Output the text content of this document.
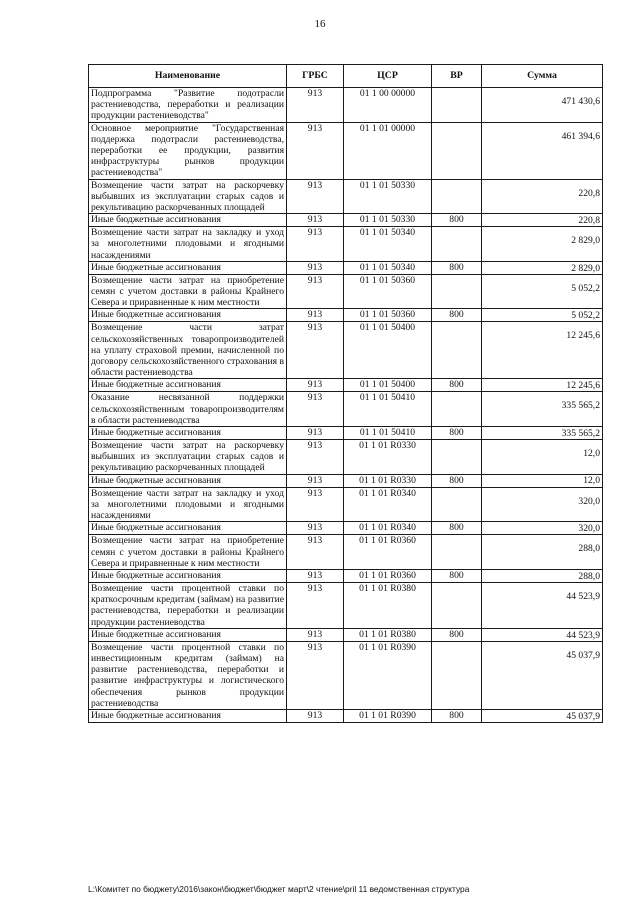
16
Наименование	ГРБС	ЦСР	ВР	Сумма
Подпрограмма "Развитие подотрасли растениеводства, переработки и реализации продукции растениеводства"	913	01 1 00 00000		471 430,6
Основное мероприятие "Государственная поддержка подотрасли растениеводства, переработки ее продукции, развития инфраструктуры рынков продукции растениеводства"	913	01 1 01 00000		461 394,6
Возмещение части затрат на раскорчевку выбывших из эксплуатации старых садов и рекультивацию раскорчеванных площадей	913	01 1 01 50330		220,8
Иные бюджетные ассигнования	913	01 1 01 50330	800	220,8
Возмещение части затрат на закладку и уход за многолетними плодовыми и ягодными насаждениями	913	01 1 01 50340		2 829,0
Иные бюджетные ассигнования	913	01 1 01 50340	800	2 829,0
Возмещение части затрат на приобретение семян с учетом доставки в районы Крайнего Севера и приравненные к ним местности	913	01 1 01 50360		5 052,2
Иные бюджетные ассигнования	913	01 1 01 50360	800	5 052,2
Возмещение части затрат сельскохозяйственных товаропроизводителей на уплату страховой премии, начисленной по договору сельскохозяйственного страхования в области растениеводства	913	01 1 01 50400		12 245,6
Иные бюджетные ассигнования	913	01 1 01 50400	800	12 245,6
Оказание несвязанной поддержки сельскохозяйственным товаропроизводителям в области растениеводства	913	01 1 01 50410		335 565,2
Иные бюджетные ассигнования	913	01 1 01 50410	800	335 565,2
Возмещение части затрат на раскорчевку выбывших из эксплуатации старых садов и рекультивацию раскорчеванных площадей	913	01 1 01 R0330		12,0
Иные бюджетные ассигнования	913	01 1 01 R0330	800	12,0
Возмещение части затрат на закладку и уход за многолетними плодовыми и ягодными насаждениями	913	01 1 01 R0340		320,0
Иные бюджетные ассигнования	913	01 1 01 R0340	800	320,0
Возмещение части затрат на приобретение семян с учетом доставки в районы Крайнего Севера и приравненные к ним местности	913	01 1 01 R0360		288,0
Иные бюджетные ассигнования	913	01 1 01 R0360	800	288,0
Возмещение части процентной ставки по краткосрочным кредитам (займам) на развитие растениеводства, переработки и реализации продукции растениеводства	913	01 1 01 R0380		44 523,9
Иные бюджетные ассигнования	913	01 1 01 R0380	800	44 523,9
Возмещение части процентной ставки по инвестиционным кредитам (займам) на развитие растениеводства, переработки и развитие инфраструктуры и логистического обеспечения рынков продукции растениеводства	913	01 1 01 R0390		45 037,9
Иные бюджетные ассигнования	913	01 1 01 R0390	800	45 037,9
L:\Комитет по бюджету\2016\закон\бюджет\бюджет март\2 чтение\pril 11 ведомственная структура
